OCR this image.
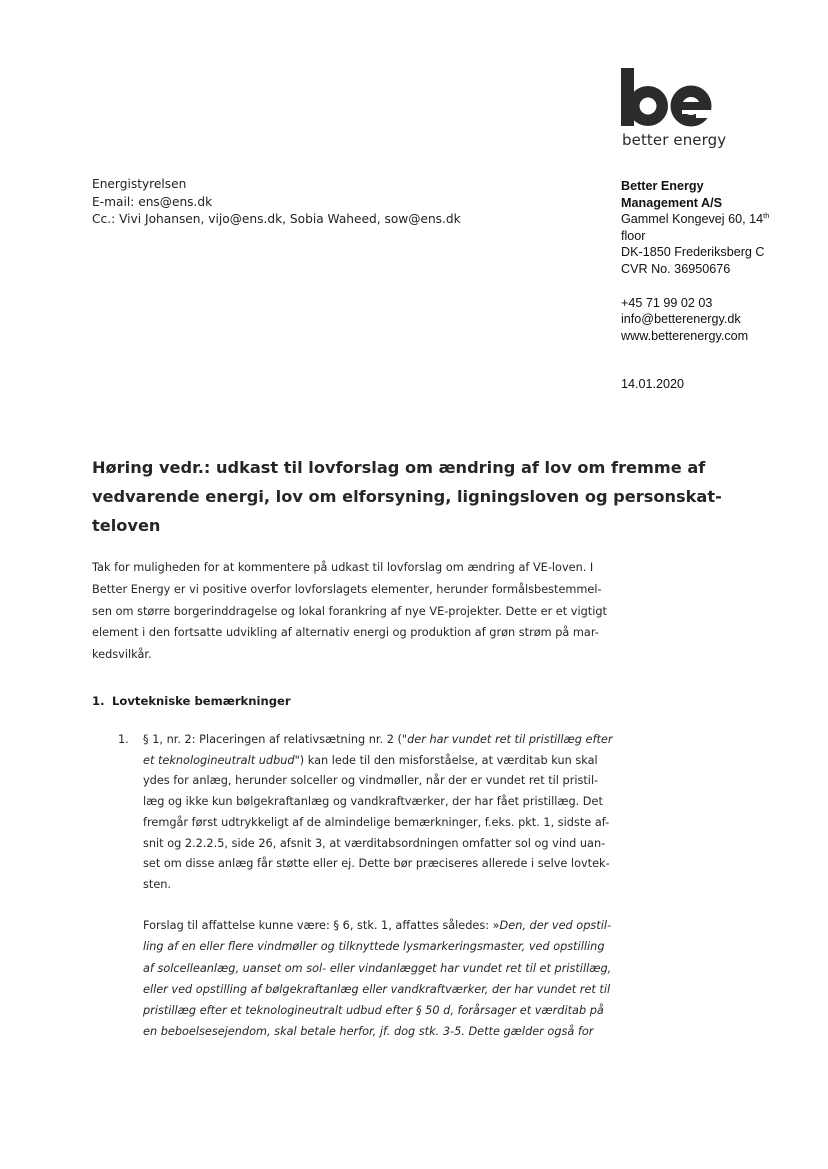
better energy
Energistyrelsen
E-mail: ens@ens.dk
Cc.: Vivi Johansen, vijo@ens.dk, Sobia Waheed, sow@ens.dk
Better Energy
Management A/S
Gammel Kongevej 60, 14th
floor
DK-1850 Frederiksberg C
CVR No. 36950676
+45 71 99 02 03
info@betterenergy.dk
www.betterenergy.com
14.01.2020
Høring vedr.: udkast til lovforslag om ændring af lov om fremme af
vedvarende energi, lov om elforsyning, ligningsloven og personskat-
teloven
Tak for muligheden for at kommentere på udkast til lovforslag om ændring af VE-loven. I
Better Energy er vi positive overfor lovforslagets elementer, herunder formålsbestemmel-
sen om større borgerinddragelse og lokal forankring af nye VE-projekter. Dette er et vigtigt
element i den fortsatte udvikling af alternativ energi og produktion af grøn strøm på mar-
kedsvilkår.
1. Lovtekniske bemærkninger
1. § 1, nr. 2: Placeringen af relativsætning nr. 2 ("der har vundet ret til pristillæg efter
et teknologineutralt udbud") kan lede til den misforståelse, at værditab kun skal
ydes for anlæg, herunder solceller og vindmøller, når der er vundet ret til pristil-
læg og ikke kun bølgekraftanlæg og vandkraftværker, der har fået pristillæg. Det
fremgår først udtrykkeligt af de almindelige bemærkninger, f.eks. pkt. 1, sidste af-
snit og 2.2.2.5, side 26, afsnit 3, at værditabsordningen omfatter sol og vind uan-
set om disse anlæg får støtte eller ej. Dette bør præciseres allerede i selve lovtek-
sten.
Forslag til affattelse kunne være: § 6, stk. 1, affattes således: »Den, der ved opstil-
ling af en eller flere vindmøller og tilknyttede lysmarkeringsmaster, ved opstilling
af solcelleanlæg, uanset om sol- eller vindanlægget har vundet ret til et pristillæg,
eller ved opstilling af bølgekraftanlæg eller vandkraftværker, der har vundet ret til
pristillæg efter et teknologineutralt udbud efter § 50 d, forårsager et værditab på
en beboelsesejendom, skal betale herfor, jf. dog stk. 3-5. Dette gælder også for
